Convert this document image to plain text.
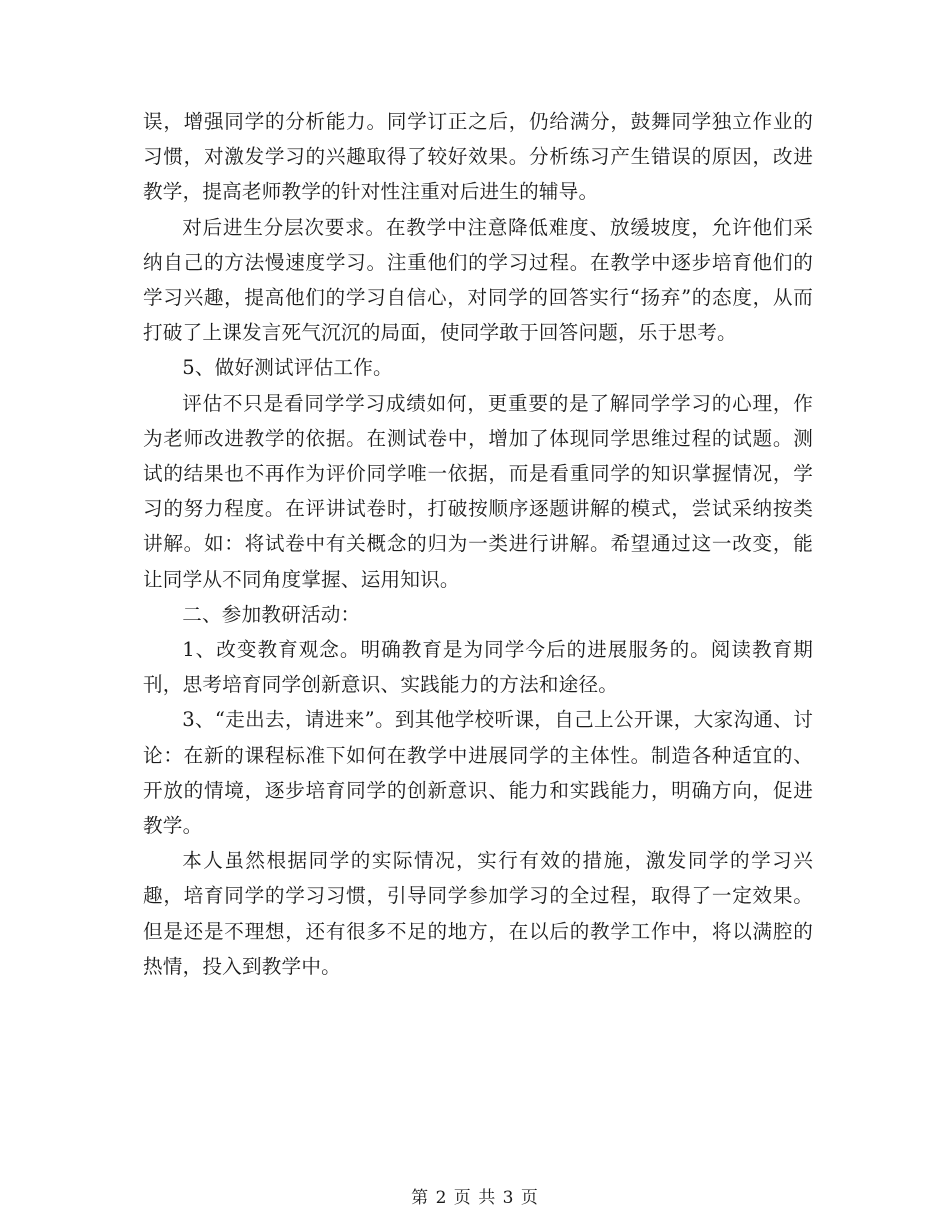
误，增强同学的分析能力。同学订正之后，仍给满分，鼓舞同学独立作业的习惯，对激发学习的兴趣取得了较好效果。分析练习产生错误的原因，改进教学，提高老师教学的针对性注重对后进生的辅导。

对后进生分层次要求。在教学中注意降低难度、放缓坡度，允许他们采纳自己的方法慢速度学习。注重他们的学习过程。在教学中逐步培育他们的学习兴趣，提高他们的学习自信心，对同学的回答实行“扬弃”的态度，从而打破了上课发言死气沉沉的局面，使同学敢于回答问题，乐于思考。

5、做好测试评估工作。

评估不只是看同学学习成绩如何，更重要的是了解同学学习的心理，作为老师改进教学的依据。在测试卷中，增加了体现同学思维过程的试题。测试的结果也不再作为评价同学唯一依据，而是看重同学的知识掌握情况，学习的努力程度。在评讲试卷时，打破按顺序逐题讲解的模式，尝试采纳按类讲解。如：将试卷中有关概念的归为一类进行讲解。希望通过这一改变，能让同学从不同角度掌握、运用知识。

二、参加教研活动：

1、改变教育观念。明确教育是为同学今后的进展服务的。阅读教育期刊，思考培育同学创新意识、实践能力的方法和途径。

3、“走出去，请进来”。到其他学校听课，自己上公开课，大家沟通、讨论：在新的课程标准下如何在教学中进展同学的主体性。制造各种适宜的、开放的情境，逐步培育同学的创新意识、能力和实践能力，明确方向，促进教学。

本人虽然根据同学的实际情况，实行有效的措施，激发同学的学习兴趣，培育同学的学习习惯，引导同学参加学习的全过程，取得了一定效果。但是还是不理想，还有很多不足的地方，在以后的教学工作中，将以满腔的热情，投入到教学中。

第 2 页 共 3 页
